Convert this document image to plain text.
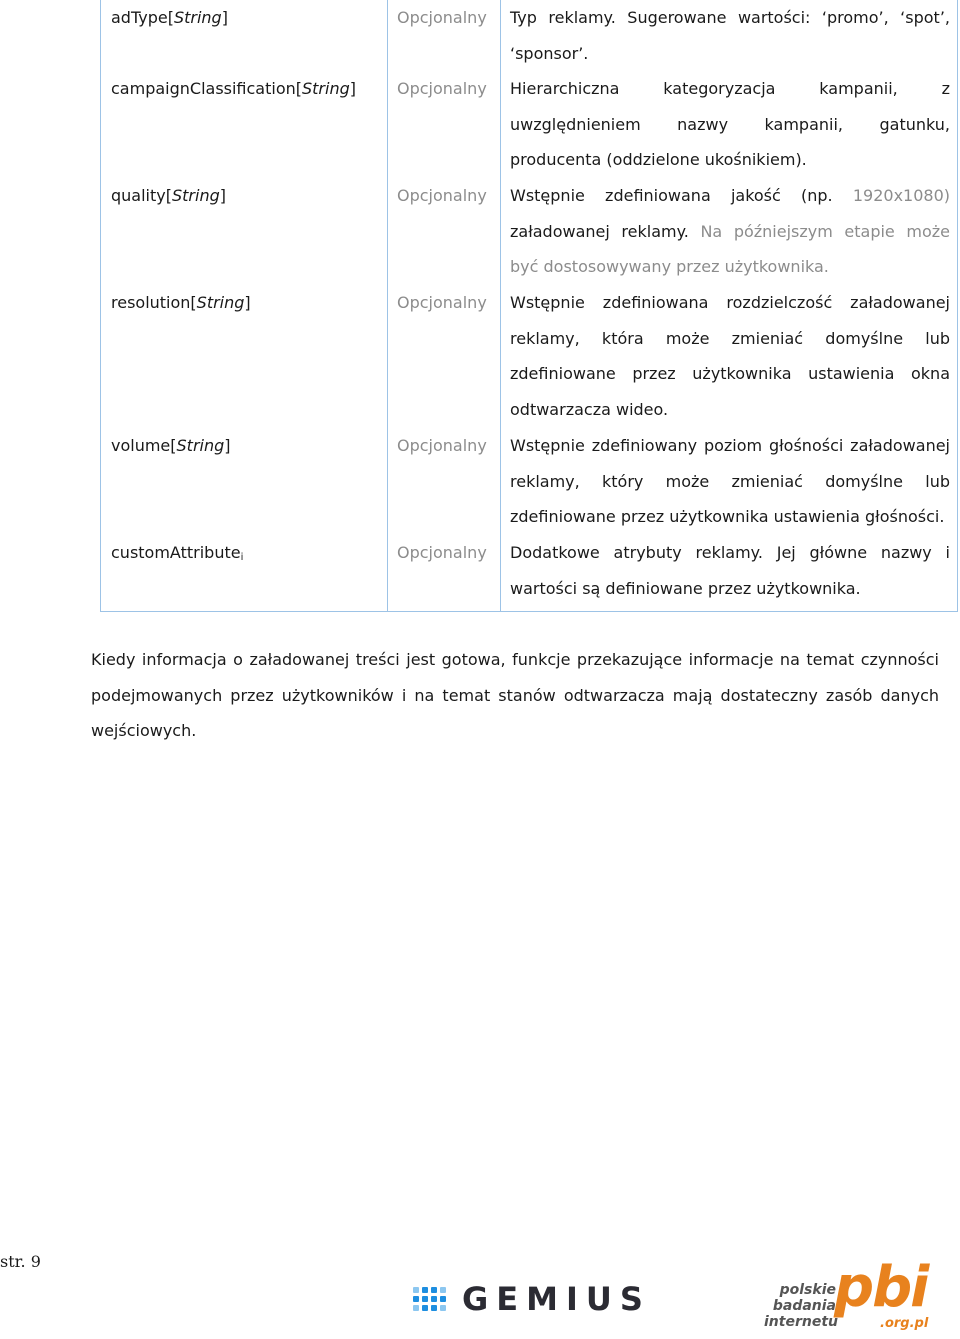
adType[String]	Opcjonalny Typ reklamy. Sugerowane wartości: ‘promo’, ‘spot’, ‘sponsor’.
campaignClassification[String]	Opcjonalny Hierarchiczna kategoryzacja kampanii, z uwzględnieniem nazwy kampanii, gatunku, producenta (oddzielone ukośnikiem).
quality[String]	Opcjonalny Wstępnie zdefiniowana jakość (np. 1920x1080) załadowanej reklamy. Na późniejszym etapie może być dostosowywany przez użytkownika.
resolution[String]	Opcjonalny Wstępnie zdefiniowana rozdzielczość załadowanej reklamy, która może zmieniać domyślne lub zdefiniowane przez użytkownika ustawienia okna odtwarzacza wideo.
volume[String]	Opcjonalny Wstępnie zdefiniowany poziom głośności załadowanej reklamy, który może zmieniać domyślne lub zdefiniowane przez użytkownika ustawienia głośności.
customAttribute$_i$	Opcjonalny Dodatkowe atrybuty reklamy. Jej główne nazwy i wartości są definiowane przez użytkownika.

Kiedy informacja o załadowanej treści jest gotowa, funkcje przekazujące informacje na temat czynności podejmowanych przez użytkowników i na temat stanów odtwarzacza mają dostateczny zasób danych wejściowych.

str. 9
GEMIUS	polskie
badania
internetu
pbi
.org.pl
